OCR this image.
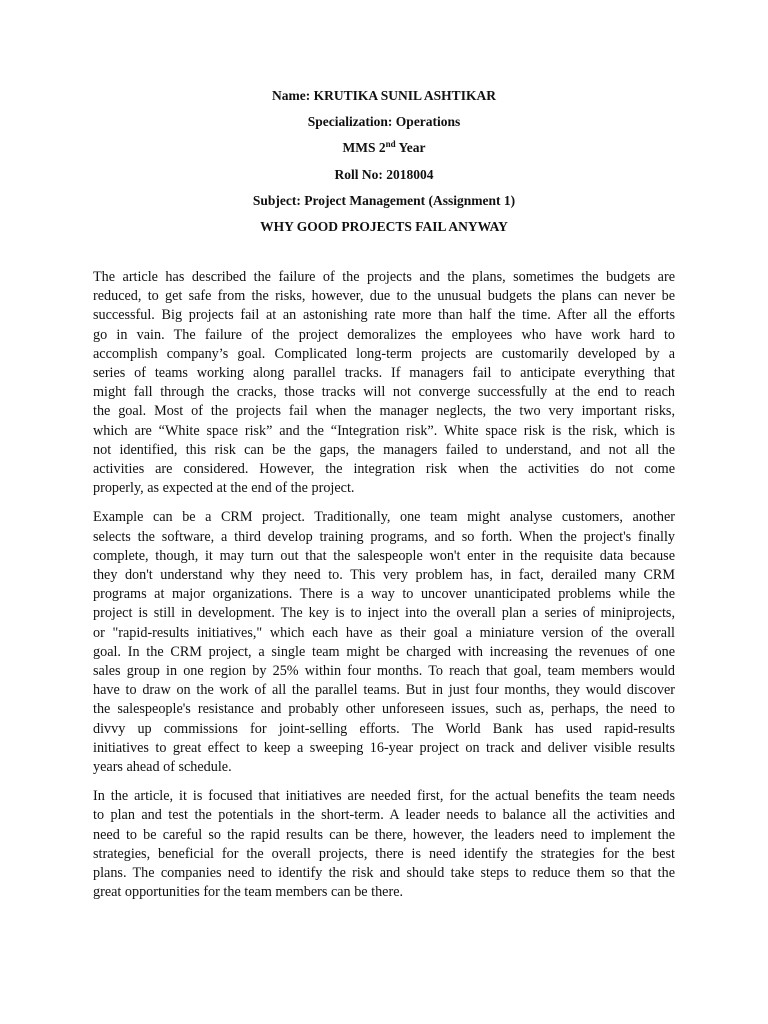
Name: KRUTIKA SUNIL ASHTIKAR
Specialization: Operations
MMS 2nd Year
Roll No: 2018004
Subject: Project Management (Assignment 1)
WHY GOOD PROJECTS FAIL ANYWAY

The article has described the failure of the projects and the plans, sometimes the budgets are
reduced, to get safe from the risks, however, due to the unusual budgets the plans can never be
successful. Big projects fail at an astonishing rate more than half the time. After all the efforts
go in vain. The failure of the project demoralizes the employees who have work hard to
accomplish company’s goal. Complicated long-term projects are customarily developed by a
series of teams working along parallel tracks. If managers fail to anticipate everything that
might fall through the cracks, those tracks will not converge successfully at the end to reach
the goal. Most of the projects fail when the manager neglects, the two very important risks,
which are “White space risk” and the “Integration risk”. White space risk is the risk, which is
not identified, this risk can be the gaps, the managers failed to understand, and not all the
activities are considered. However, the integration risk when the activities do not come
properly, as expected at the end of the project.

Example can be a CRM project. Traditionally, one team might analyse customers, another
selects the software, a third develop training programs, and so forth. When the project's finally
complete, though, it may turn out that the salespeople won't enter in the requisite data because
they don't understand why they need to. This very problem has, in fact, derailed many CRM
programs at major organizations. There is a way to uncover unanticipated problems while the
project is still in development. The key is to inject into the overall plan a series of miniprojects,
or "rapid-results initiatives," which each have as their goal a miniature version of the overall
goal. In the CRM project, a single team might be charged with increasing the revenues of one
sales group in one region by 25% within four months. To reach that goal, team members would
have to draw on the work of all the parallel teams. But in just four months, they would discover
the salespeople's resistance and probably other unforeseen issues, such as, perhaps, the need to
divvy up commissions for joint-selling efforts. The World Bank has used rapid-results
initiatives to great effect to keep a sweeping 16-year project on track and deliver visible results
years ahead of schedule.

In the article, it is focused that initiatives are needed first, for the actual benefits the team needs
to plan and test the potentials in the short-term. A leader needs to balance all the activities and
need to be careful so the rapid results can be there, however, the leaders need to implement the
strategies, beneficial for the overall projects, there is need identify the strategies for the best
plans. The companies need to identify the risk and should take steps to reduce them so that the
great opportunities for the team members can be there.
